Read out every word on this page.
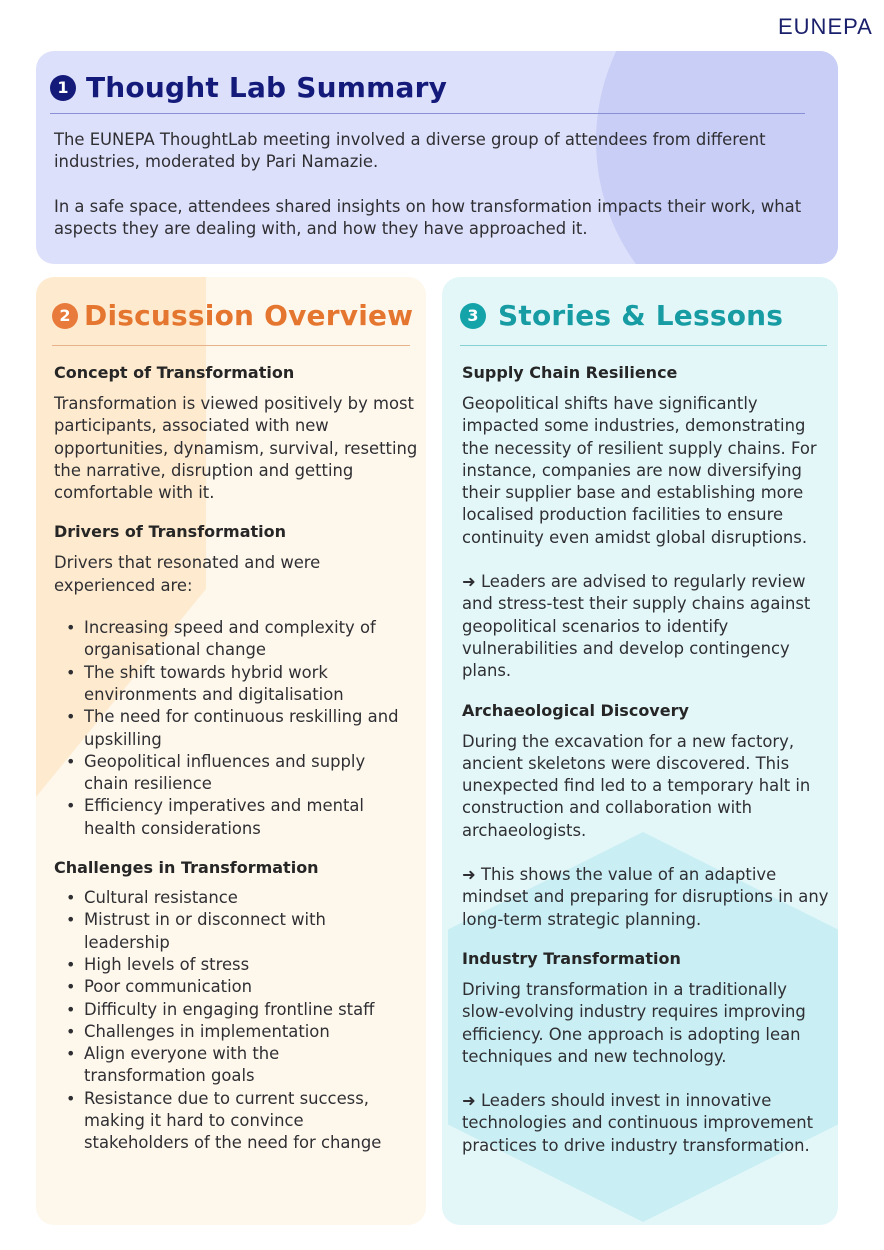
EUNEPA
1 Thought Lab Summary

The EUNEPA ThoughtLab meeting involved a diverse group of attendees from different industries, moderated by Pari Namazie.

In a safe space, attendees shared insights on how transformation impacts their work, what aspects they are dealing with, and how they have approached it.

2 Discussion Overview
Concept of Transformation

Transformation is viewed positively by most participants, associated with new opportunities, dynamism, survival, resetting the narrative, disruption and getting comfortable with it.

Drivers of Transformation

Drivers that resonated and were experienced are:

• Increasing speed and complexity of organisational change
• The shift towards hybrid work environments and digitalisation
• The need for continuous reskilling and upskilling
• Geopolitical influences and supply chain resilience
• Efficiency imperatives and mental health considerations
Challenges in Transformation
• Cultural resistance
• Mistrust in or disconnect with leadership
• High levels of stress
• Poor communication
• Difficulty in engaging frontline staff
• Challenges in implementation
• Align everyone with the transformation goals
• Resistance due to current success, making it hard to convince stakeholders of the need for change
3 Stories & Lessons
Supply Chain Resilience

Geopolitical shifts have significantly impacted some industries, demonstrating the necessity of resilient supply chains. For instance, companies are now diversifying their supplier base and establishing more localised production facilities to ensure continuity even amidst global disruptions.

➜ Leaders are advised to regularly review and stress-test their supply chains against geopolitical scenarios to identify vulnerabilities and develop contingency plans.

Archaeological Discovery

During the excavation for a new factory, ancient skeletons were discovered. This unexpected find led to a temporary halt in construction and collaboration with archaeologists.

➜ This shows the value of an adaptive mindset and preparing for disruptions in any long-term strategic planning.

Industry Transformation

Driving transformation in a traditionally slow-evolving industry requires improving efficiency. One approach is adopting lean techniques and new technology.

➜ Leaders should invest in innovative technologies and continuous improvement practices to drive industry transformation.
